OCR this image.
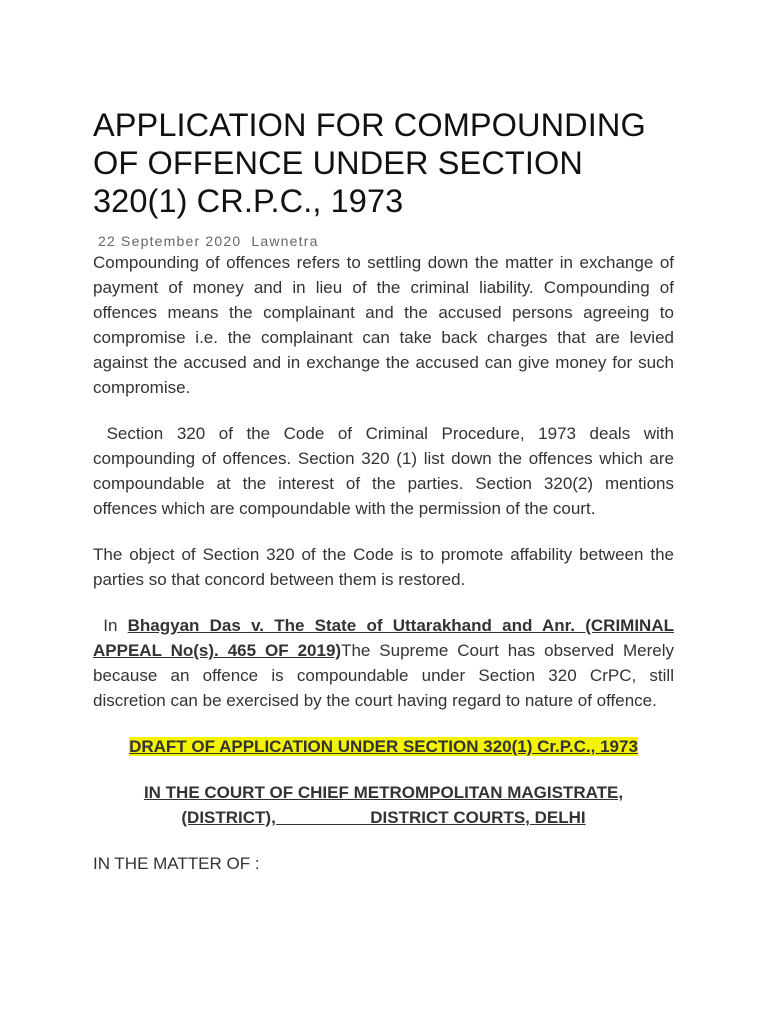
APPLICATION FOR COMPOUNDING OF OFFENCE UNDER SECTION 320(1) CR.P.C., 1973
22 September 2020 Lawnetra

Compounding of offences refers to settling down the matter in exchange of payment of money and in lieu of the criminal liability. Compounding of offences means the complainant and the accused persons agreeing to compromise i.e. the complainant can take back charges that are levied against the accused and in exchange the accused can give money for such compromise.

Section 320 of the Code of Criminal Procedure, 1973 deals with compounding of offences. Section 320 (1) list down the offences which are compoundable at the interest of the parties. Section 320(2) mentions offences which are compoundable with the permission of the court.

The object of Section 320 of the Code is to promote affability between the parties so that concord between them is restored.

In Bhagyan Das v. The State of Uttarakhand and Anr. (CRIMINAL APPEAL No(s). 465 OF 2019)The Supreme Court has observed Merely because an offence is compoundable under Section 320 CrPC, still discretion can be exercised by the court having regard to nature of offence.

DRAFT OF APPLICATION UNDER SECTION 320(1) Cr.P.C., 1973

IN THE COURT OF CHIEF METROMPOLITAN MAGISTRATE,
(DISTRICT),                    DISTRICT COURTS, DELHI

IN THE MATTER OF :
